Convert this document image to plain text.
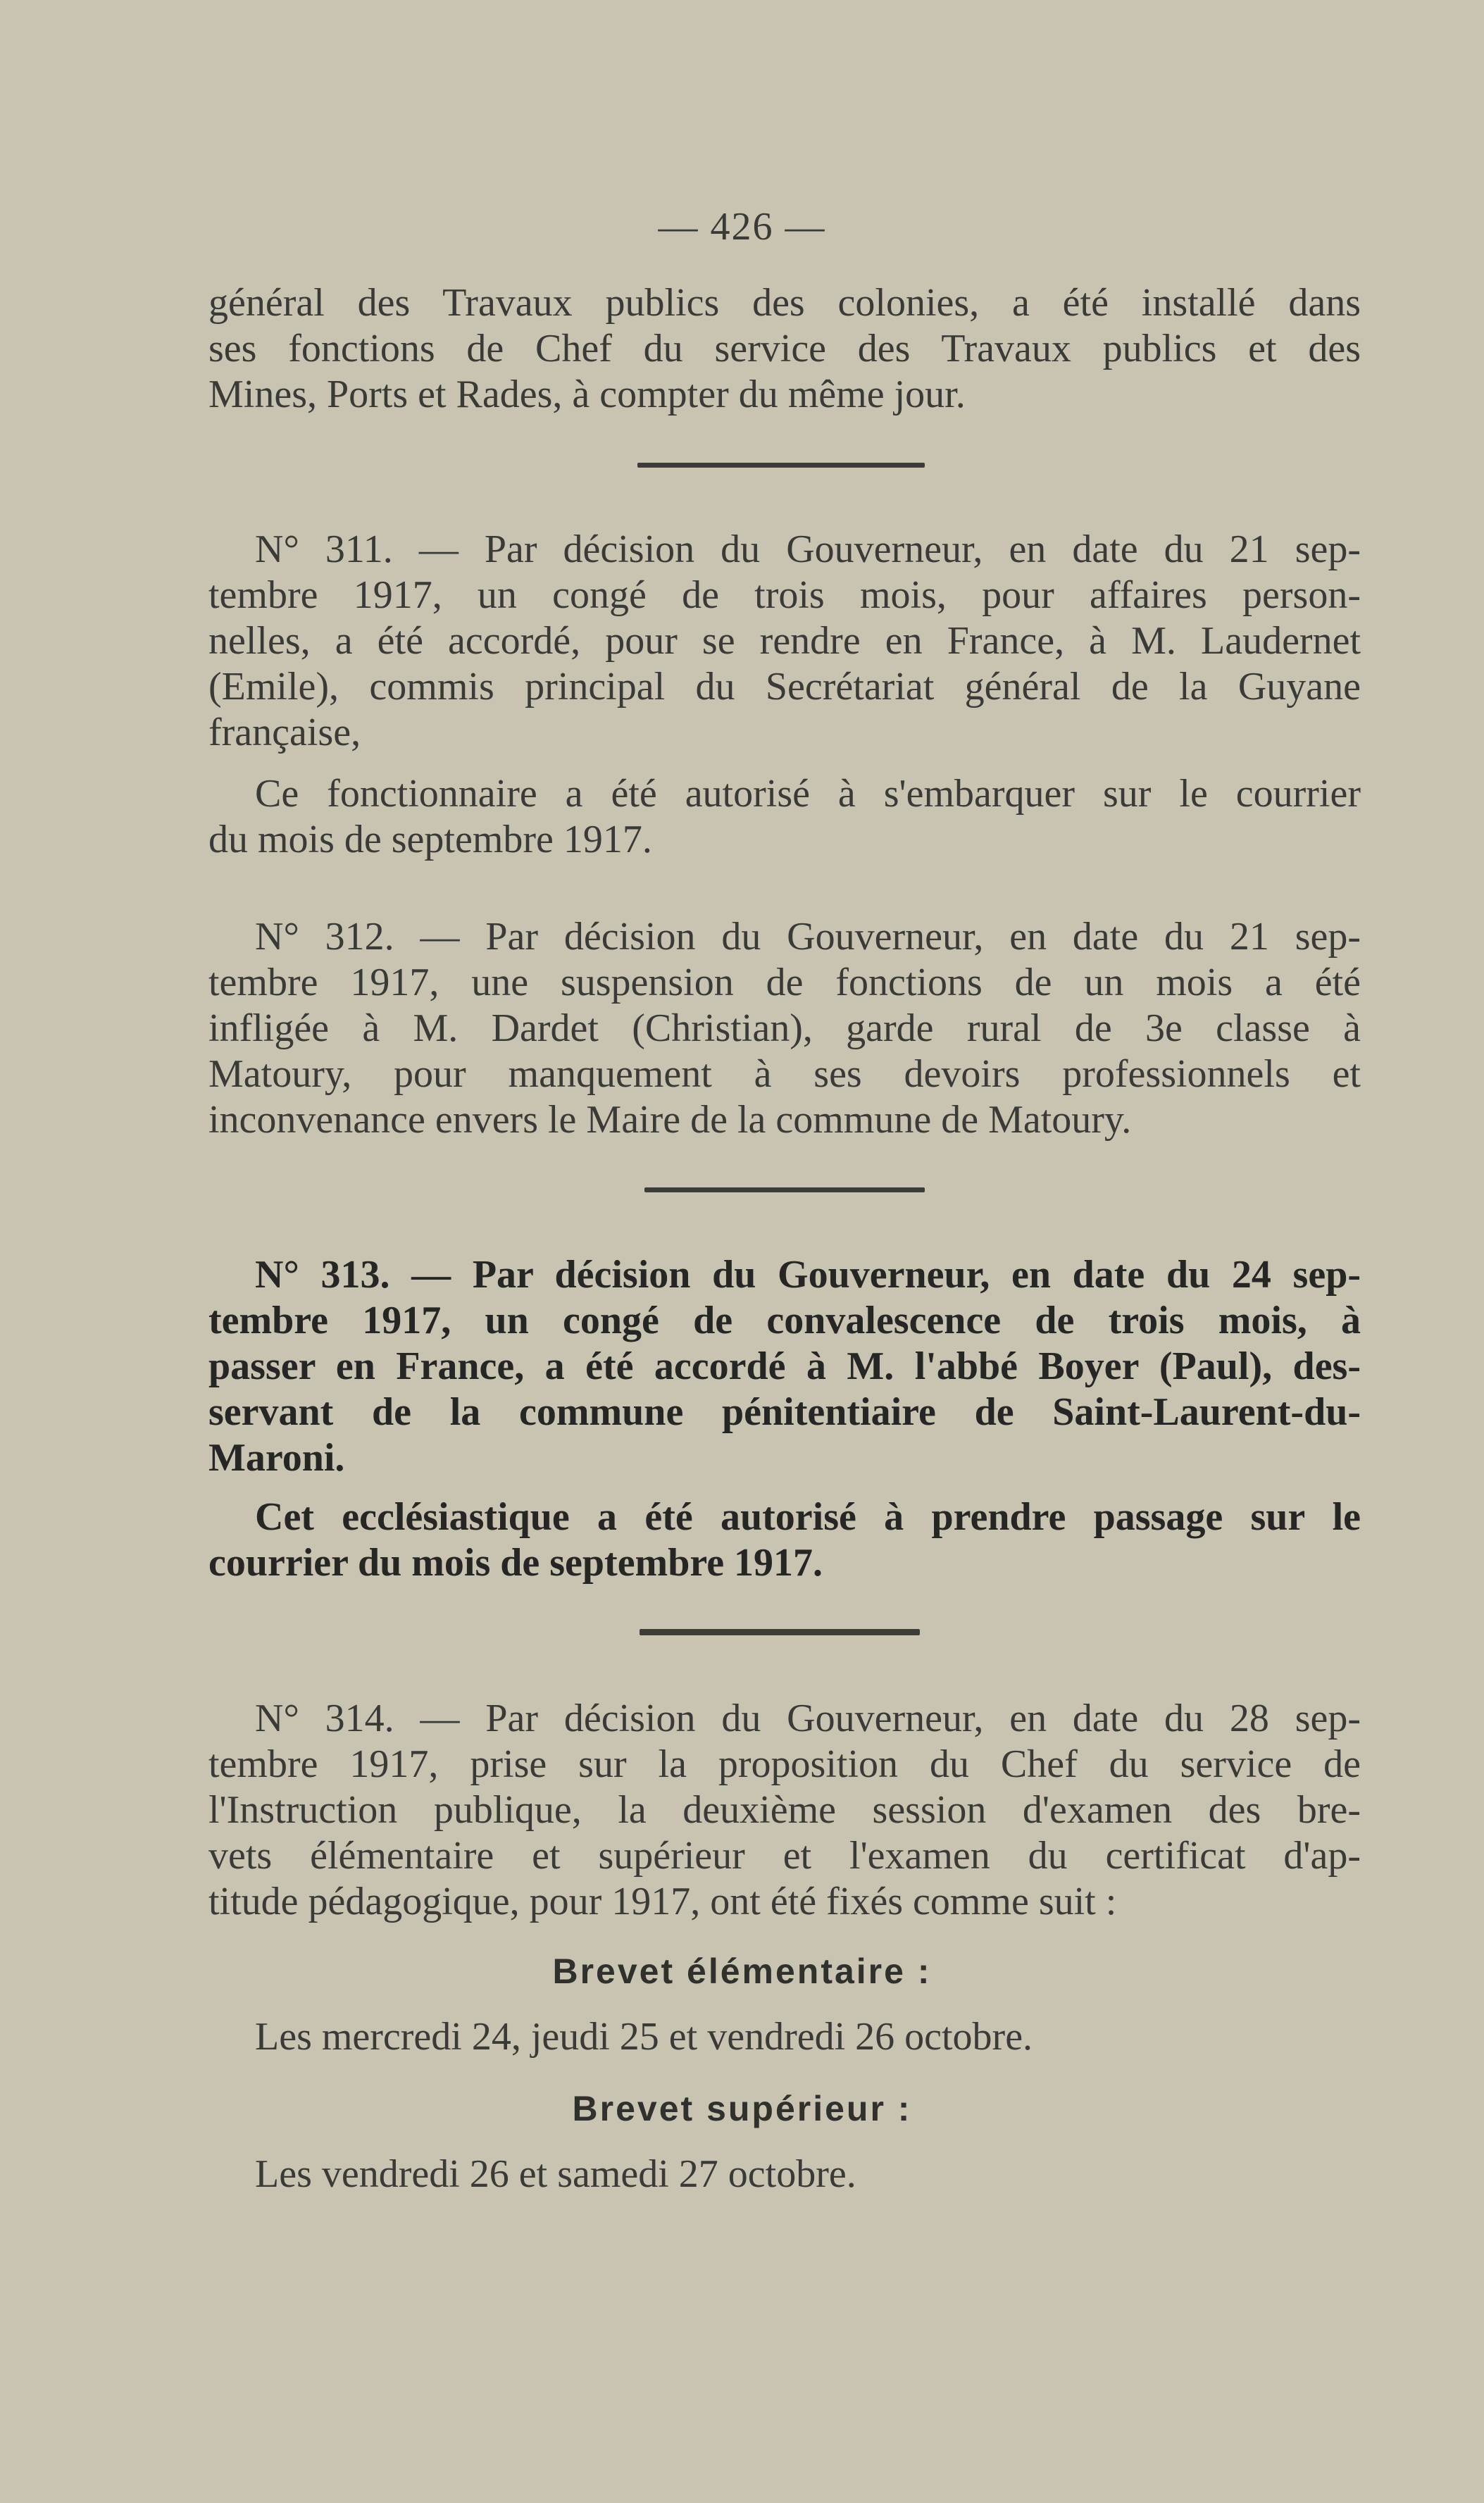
— 426 —
général des Travaux publics des colonies, a été installé dans
ses fonctions de Chef du service des Travaux publics et des
Mines, Ports et Rades, à compter du même jour.
N° 311. — Par décision du Gouverneur, en date du 21 sep-
tembre 1917, un congé de trois mois, pour affaires person-
nelles, a été accordé, pour se rendre en France, à M. Laudernet
(Emile), commis principal du Secrétariat général de la Guyane
française,
Ce fonctionnaire a été autorisé à s'embarquer sur le courrier
du mois de septembre 1917.
N° 312. — Par décision du Gouverneur, en date du 21 sep-
tembre 1917, une suspension de fonctions de un mois a été
infligée à M. Dardet (Christian), garde rural de 3e classe à
Matoury, pour manquement à ses devoirs professionnels et
inconvenance envers le Maire de la commune de Matoury.
N° 313. — Par décision du Gouverneur, en date du 24 sep-
tembre 1917, un congé de convalescence de trois mois, à
passer en France, a été accordé à M. l'abbé Boyer (Paul), des-
servant de la commune pénitentiaire de Saint-Laurent-du-
Maroni.
Cet ecclésiastique a été autorisé à prendre passage sur le
courrier du mois de septembre 1917.
N° 314. — Par décision du Gouverneur, en date du 28 sep-
tembre 1917, prise sur la proposition du Chef du service de
l'Instruction publique, la deuxième session d'examen des bre-
vets élémentaire et supérieur et l'examen du certificat d'ap-
titude pédagogique, pour 1917, ont été fixés comme suit :
Brevet élémentaire :
Les mercredi 24, jeudi 25 et vendredi 26 octobre.
Brevet supérieur :
Les vendredi 26 et samedi 27 octobre.
